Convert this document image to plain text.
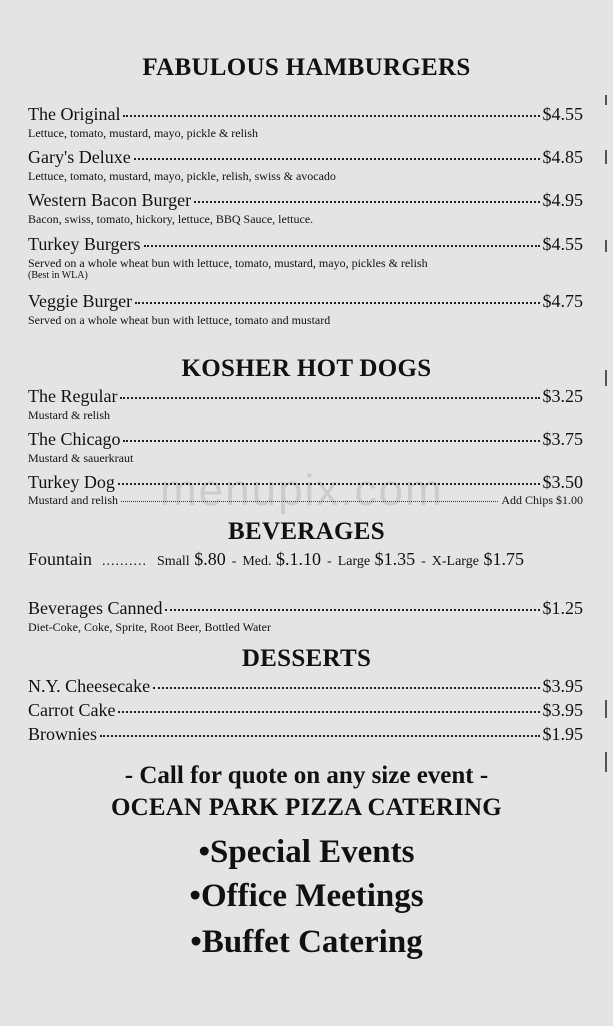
menupix.com
FABULOUS HAMBURGERS
The Original	$4.55
Lettuce, tomato, mustard, mayo, pickle & relish
Gary's Deluxe	$4.85
Lettuce, tomato, mustard, mayo, pickle, relish, swiss & avocado
Western Bacon Burger	$4.95
Bacon, swiss, tomato, hickory, lettuce, BBQ Sauce, lettuce.
Turkey Burgers	$4.55
Served on a whole wheat bun with lettuce, tomato, mustard, mayo, pickles & relish
(Best in WLA)
Veggie Burger	$4.75
Served on a whole wheat bun with lettuce, tomato and mustard
KOSHER HOT DOGS
The Regular	$3.25
Mustard & relish
The Chicago	$3.75
Mustard & sauerkraut
Turkey Dog	$3.50
Mustard and relish	Add Chips $1.00
BEVERAGES
Fountain .......... Small
$.80 - Med.
$.1.10 - Large
$1.35 - X-Large
$1.75
Beverages Canned	$1.25
Diet-Coke, Coke, Sprite, Root Beer, Bottled Water
DESSERTS
N.Y. Cheesecake	$3.95
Carrot Cake	$3.95
Brownies	$1.95
- Call for quote on any size event -
OCEAN PARK PIZZA CATERING
•Special Events
•Office Meetings
•Buffet Catering
